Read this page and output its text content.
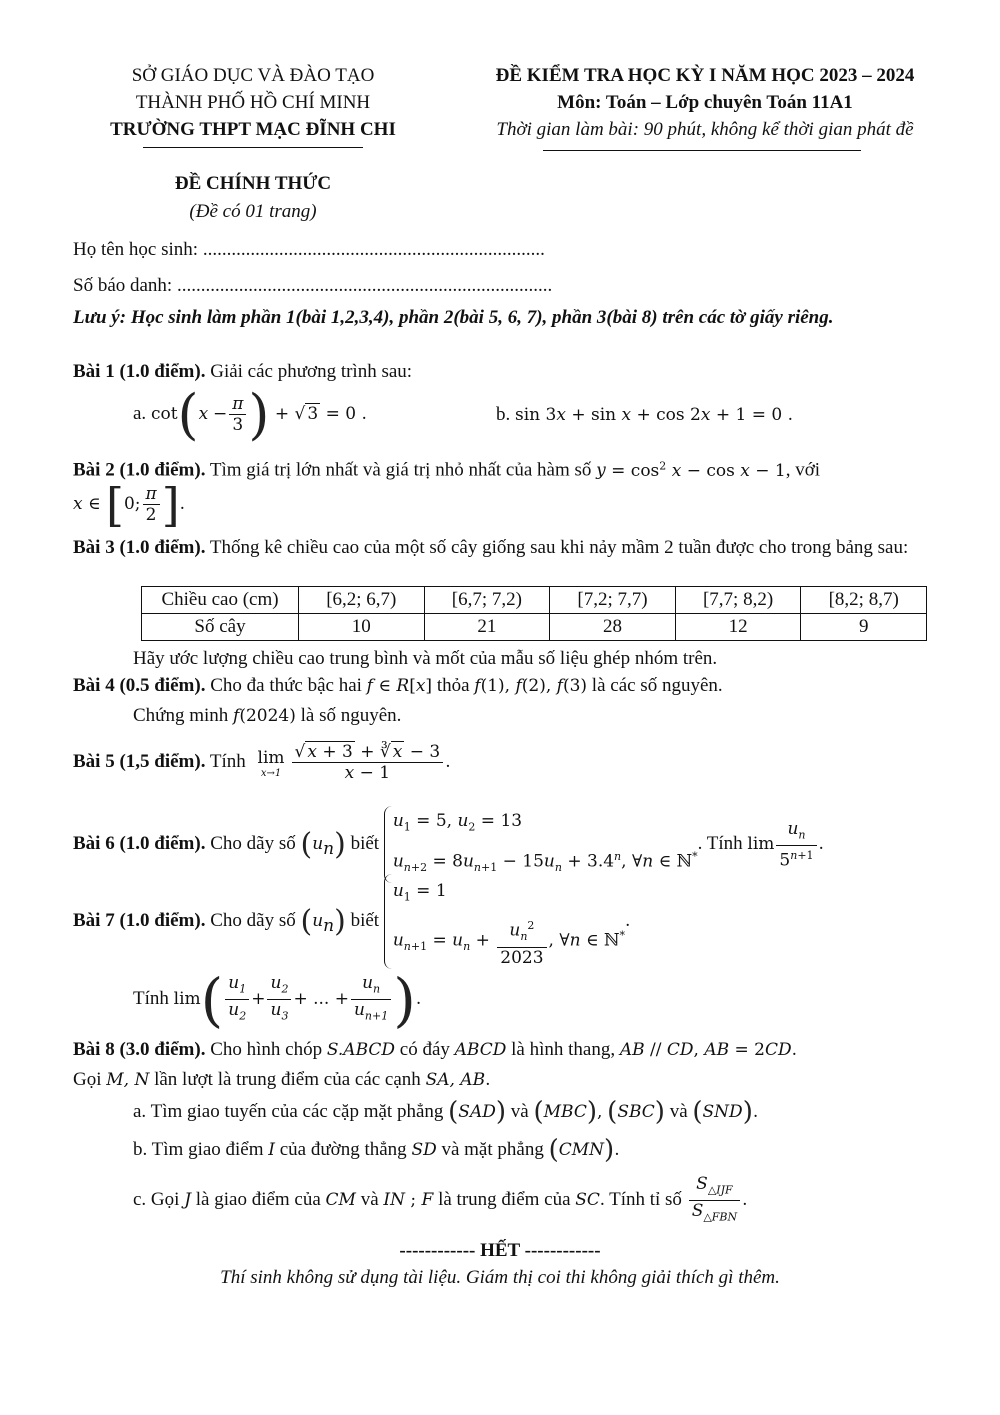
SỞ GIÁO DỤC VÀ ĐÀO TẠO
THÀNH PHỐ HỒ CHÍ MINH
TRƯỜNG THPT MẠC ĐĨNH CHI
ĐỀ CHÍNH THỨC
(Đề có 01 trang)
ĐỀ KIỂM TRA HỌC KỲ I NĂM HỌC 2023 – 2024
Môn: Toán – Lớp chuyên Toán 11A1
Thời gian làm bài: 90 phút, không kể thời gian phát đề
Họ tên học sinh: ........................................................................
Số báo danh: ...............................................................................
Lưu ý: Học sinh làm phần 1(bài 1,2,3,4), phần 2(bài 5, 6, 7), phần 3(bài 8) trên các tờ giấy riêng.
Bài 1 (1.0 điểm). Giải các phương trình sau:
a. $\cot(x - \frac{\pi}{3}$ ) + √ 3 = 0 .	b. sin 3x + sin x + cos 2x + 1 = 0 .
Bài 2 (1.0 điểm). Tìm giá trị lớn nhất và giá trị nhỏ nhất của hàm số $y = \cos^2 x - \cos x - 1$, với
x ∈ [0; $\frac{\pi}{2}$ ].
Bài 3 (1.0 điểm). Thống kê chiều cao của một số cây giống sau khi nảy mầm 2 tuần được cho trong bảng sau:
Chiều cao (cm)	[6,2; 6,7)	[6,7; 7,2)	[7,2; 7,7)	[7,7; 8,2)	[8,2; 8,7)
Số cây	10	21	28	12	9
Hãy ước lượng chiều cao trung bình và mốt của mẫu số liệu ghép nhóm trên.
Bài 4 (0.5 điểm). Cho đa thức bậc hai f ∈ R[x] thỏa f(1), f(2), f(3) là các số nguyên.
Chứng minh f(2024) là số nguyên.
Bài 5 (1,5 điểm). Tính lim
$x\to 1 \frac{√ x + 3 + ∛ x - 3}{x - 1}$ .
Bài 6 (1.0 điểm). Cho dãy số $(u_n)$ biết
$u_1 = 5$, $u_2 = 13$
$u_{n+2} = 8u_{n+1} - 15u_n + 3.4^n$, ∀n ∈ ℕ*
. Tính $\lim \frac{u_n}{5^{n+1}}$ .
Bài 7 (1.0 điểm). Cho dãy số $(u_n)$ biết
$u_1 = 1$
$u_{n+1} = u_n + \frac{u_n^2}{2023}$ , ∀n ∈ ℕ*
.
Tính $\lim( \frac{u_1}{u_2} + \frac{u_2}{u_3}$ + ... + $\frac{u_n}{u_{n+1}}$ ).
Bài 8 (3.0 điểm). Cho hình chóp S.ABCD có đáy ABCD là hình thang, AB // CD, AB = 2CD.
Gọi M, N lần lượt là trung điểm của các cạnh SA, AB.
a. Tìm giao tuyến của các cặp mặt phẳng (SAD) và (MBC), (SBC) và (SND).
b. Tìm giao điểm I của đường thẳng SD và mặt phẳng (CMN).
c. Gọi J là giao điểm của CM và IN ; F là trung điểm của SC. Tính tỉ số $\frac{S_{\triangle IJF}}{S_{\triangle FBN}}$ .
------------ HẾT ------------
Thí sinh không sử dụng tài liệu. Giám thị coi thi không giải thích gì thêm.
